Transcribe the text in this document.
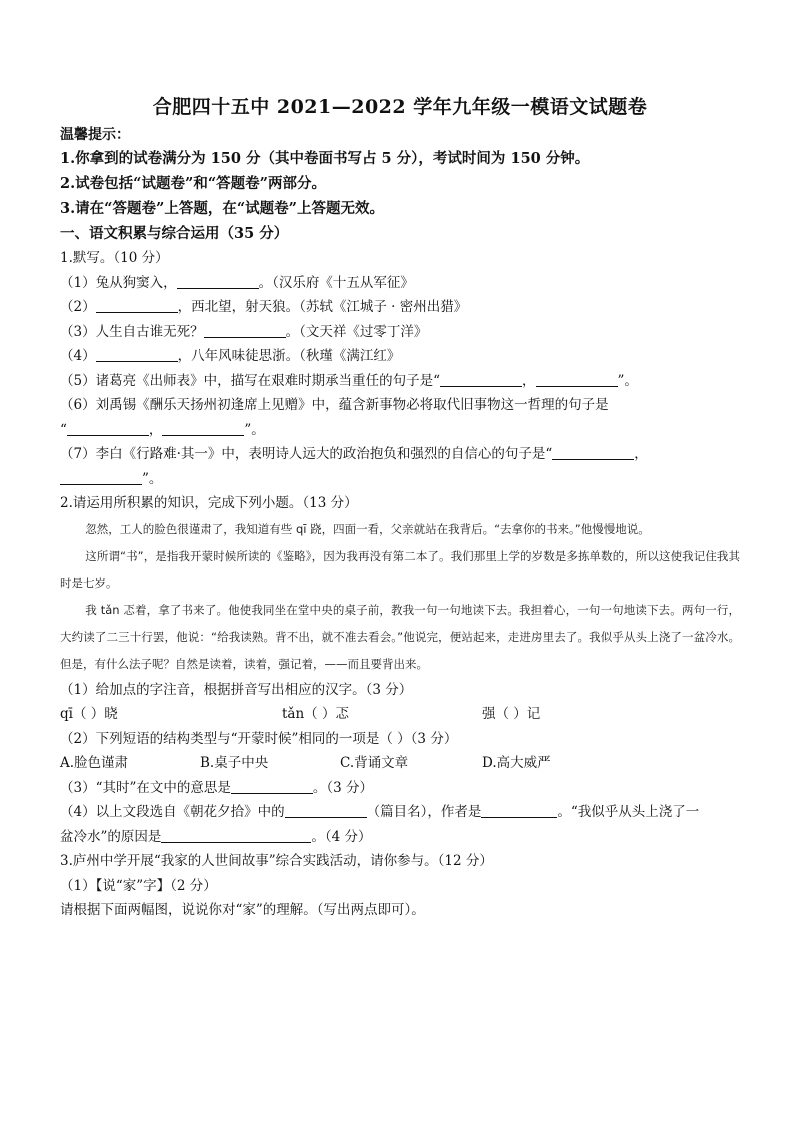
合肥四十五中 2021—2022 学年九年级一模语文试题卷
温馨提示：
1.你拿到的试卷满分为 150 分（其中卷面书写占 5 分），考试时间为 150 分钟。
2.试卷包括“试题卷”和“答题卷”两部分。
3.请在“答题卷”上答题，在“试题卷”上答题无效。
一、语文积累与综合运用（35 分）
1.默写。（10 分）
（1）兔从狗窦入，	。（汉乐府《十五从军征》
（2）	，西北望，射天狼。（苏轼《江城子 · 密州出猎》
（3）人生自古谁无死？	。（文天祥《过零丁洋》
（4）	，八年风味徒思浙。（秋瑾《满江红》
（5）诸葛亮《出师表》中，描写在艰难时期承当重任的句子是“	，	”。
（6）刘禹锡《酬乐天扬州初逢席上见赠》中，蕴含新事物必将取代旧事物这一哲理的句子是
“	，	”。
（7）李白《行路难·其一》中，表明诗人远大的政治抱负和强烈的自信心的句子是“	，
”。
2.请运用所积累的知识，完成下列小题。（13 分）

忽然，工人的脸色很谨肃了，我知道有些 qī 跷，四面一看，父亲就站在我背后。“去拿你的书来。”他慢慢地说。

这所谓“书”，是指我开蒙时候所读的《鉴略》，因为我再没有第二本了。我们那里上学的岁数是多拣单数的，所以这使我记住我其时是七岁。

我 tǎn 忑着，拿了书来了。他使我同坐在堂中央的桌子前，教我一句一句地读下去。我担着心，一句一句地读下去。两句一行，大约读了二三十行罢，他说：“给我读熟。背不出，就不准去看会。”他说完，便站起来，走进房里去了。我似乎从头上浇了一盆冷水。但是，有什么法子呢？自然是读着，读着，强记着，——而且要背出来。

（1）给加点的字注音，根据拼音写出相应的汉字。（3 分）
qī（ ）晓	tǎn（ ）忑	强（ ）记
（2）下列短语的结构类型与“开蒙时候”相同的一项是（ ）（3 分）
A.脸色谨肃	B.桌子中央	C.背诵文章	D.高大威严
（3）“其时”在文中的意思是	。（3 分）
（4）以上文段选自《朝花夕拾》中的	（篇目名），作者是	。“我似乎从头上浇了一
盆冷水”的原因是	。（4 分）
3.庐州中学开展“我家的人世间故事”综合实践活动，请你参与。（12 分）
（1）【说“家”字】（2 分）
请根据下面两幅图，说说你对“家”的理解。（写出两点即可）。
